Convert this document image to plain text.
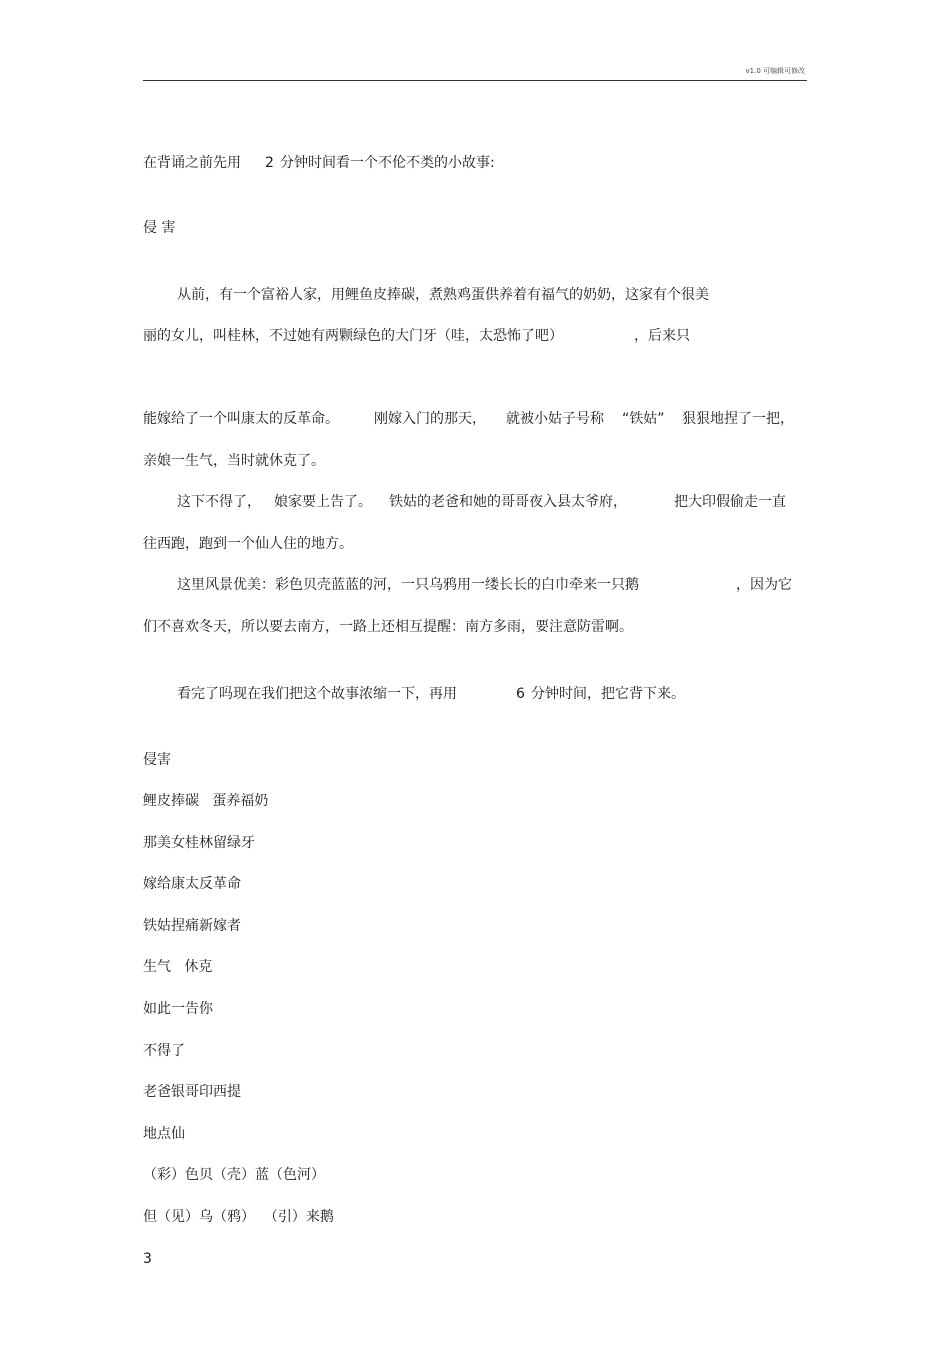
v1.0 可编辑可修改
在背诵之前先用 2 分钟时间看一个不伦不类的小故事:
侵 害
从前，有一个富裕人家，用鲤鱼皮捧碳，煮熟鸡蛋供养着有福气的奶奶，这家有个很美
丽的女儿，叫桂林，不过她有两颗绿色的大门牙（哇，太恐怖了吧）	，后来只
能嫁给了一个叫康太的反革命。	刚嫁入门的那天， 就被小姑子号称 “铁姑” 狠狠地捏了一把，
亲娘一生气，当时就休克了。
这下不得了， 娘家要上告了。 铁姑的老爸和她的哥哥夜入县太爷府，	把大印假偷走一直
往西跑，跑到一个仙人住的地方。
这里风景优美：彩色贝壳蓝蓝的河，一只乌鸦用一缕长长的白巾牵来一只鹅	，因为它
们不喜欢冬天，所以要去南方，一路上还相互提醒：南方多雨，要注意防雷啊。
看完了吗现在我们把这个故事浓缩一下，再用	6 分钟时间，把它背下来。
侵害
鲤皮捧碳   蛋养福奶
那美女桂林留绿牙
嫁给康太反革命
铁姑捏痛新嫁者
生气   休克
如此一告你
不得了
老爸银哥印西提
地点仙
（彩）色贝（壳）蓝（色河）
但（见）乌（鸦）  （引）来鹅
3
